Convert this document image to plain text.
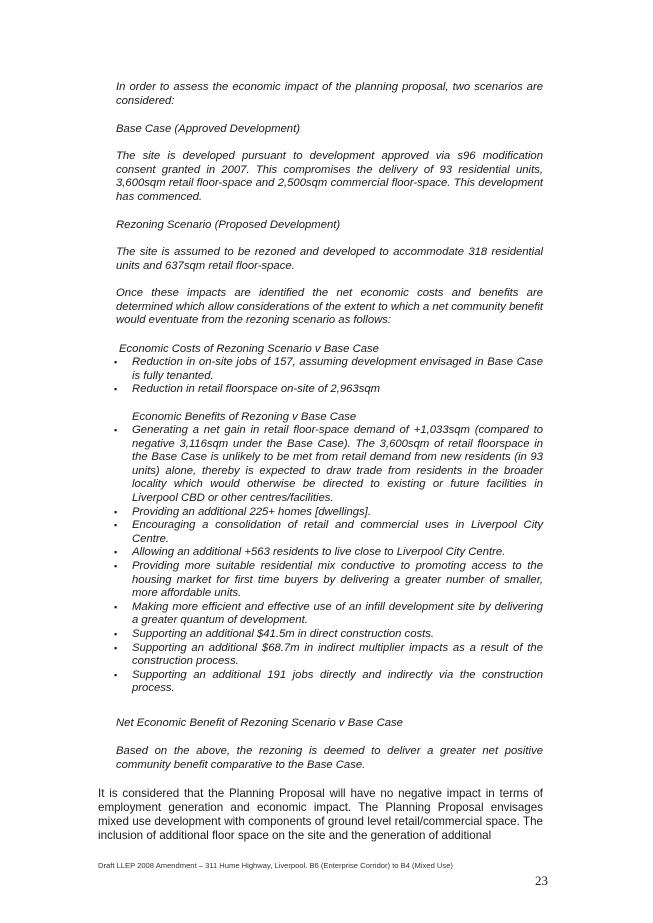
In order to assess the economic impact of the planning proposal, two scenarios are considered:

Base Case (Approved Development)

The site is developed pursuant to development approved via s96 modification consent granted in 2007. This compromises the delivery of 93 residential units, 3,600sqm retail floor-space and 2,500sqm commercial floor-space. This development has commenced.

Rezoning Scenario (Proposed Development)

The site is assumed to be rezoned and developed to accommodate 318 residential units and 637sqm retail floor-space.

Once these impacts are identified the net economic costs and benefits are determined which allow considerations of the extent to which a net community benefit would eventuate from the rezoning scenario as follows:

Economic Costs of Rezoning Scenario v Base Case
▪ Reduction in on-site jobs of 157, assuming development envisaged in Base Case is fully tenanted.
▪ Reduction in retail floorspace on-site of 2,963sqm
Economic Benefits of Rezoning v Base Case
▪ Generating a net gain in retail floor-space demand of +1,033sqm (compared to negative 3,116sqm under the Base Case). The 3,600sqm of retail floorspace in the Base Case is unlikely to be met from retail demand from new residents (in 93 units) alone, thereby is expected to draw trade from residents in the broader locality which would otherwise be directed to existing or future facilities in Liverpool CBD or other centres/facilities.
▪ Providing an additional 225+ homes [dwellings].
▪ Encouraging a consolidation of retail and commercial uses in Liverpool City Centre.
▪ Allowing an additional +563 residents to live close to Liverpool City Centre.
▪ Providing more suitable residential mix conductive to promoting access to the housing market for first time buyers by delivering a greater number of smaller, more affordable units.
▪ Making more efficient and effective use of an infill development site by delivering a greater quantum of development.
▪ Supporting an additional $41.5m in direct construction costs.
▪ Supporting an additional $68.7m in indirect multiplier impacts as a result of the construction process.
▪ Supporting an additional 191 jobs directly and indirectly via the construction process.

Net Economic Benefit of Rezoning Scenario v Base Case

Based on the above, the rezoning is deemed to deliver a greater net positive community benefit comparative to the Base Case.

It is considered that the Planning Proposal will have no negative impact in terms of employment generation and economic impact. The Planning Proposal envisages mixed use development with components of ground level retail/commercial space. The inclusion of additional floor space on the site and the generation of additional

Draft LLEP 2008 Amendment – 311 Hume Highway, Liverpool. B6 (Enterprise Corridor) to B4 (Mixed Use)
23
